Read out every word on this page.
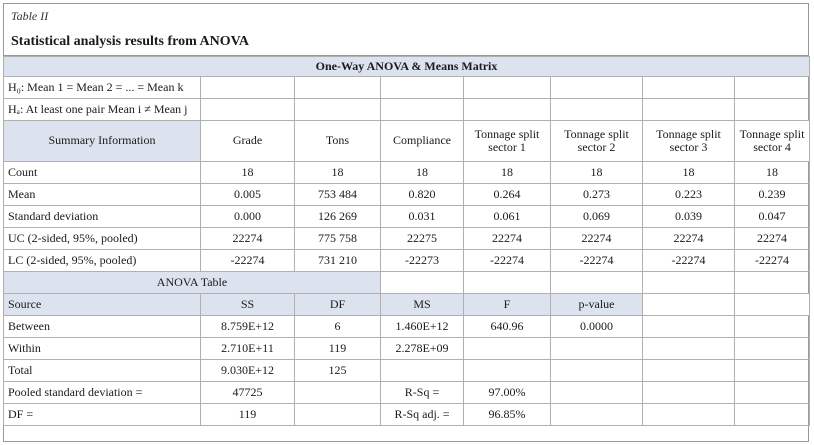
Table II
Statistical analysis results from ANOVA
One-Way ANOVA & Means Matrix							
H₀: Mean 1 = Mean 2 = ... = Mean k							
Hₐ: At least one pair Mean i ≠ Mean j							
Summary Information	Grade	Tons	Compliance	Tonnage split sector 1	Tonnage split sector 2	Tonnage split sector 3	Tonnage split sector 4
Count	18	18	18	18	18	18	18
Mean	0.005	753 484	0.820	0.264	0.273	0.223	0.239
Standard deviation	0.000	126 269	0.031	0.061	0.069	0.039	0.047
UC (2-sided, 95%, pooled)	22274	775 758	22275	22274	22274	22274	22274
LC (2-sided, 95%, pooled)	-22274	731 210	-22273	-22274	-22274	-22274	-22274
ANOVA Table							
Source	SS	DF	MS	F	p-value		
Between	8.759E+12	6	1.460E+12	640.96	0.0000		
Within	2.710E+11	119	2.278E+09				
Total	9.030E+12	125					
Pooled standard deviation =	47725		R-Sq =	97.00%			
DF =	119		R-Sq adj. =	96.85%			
